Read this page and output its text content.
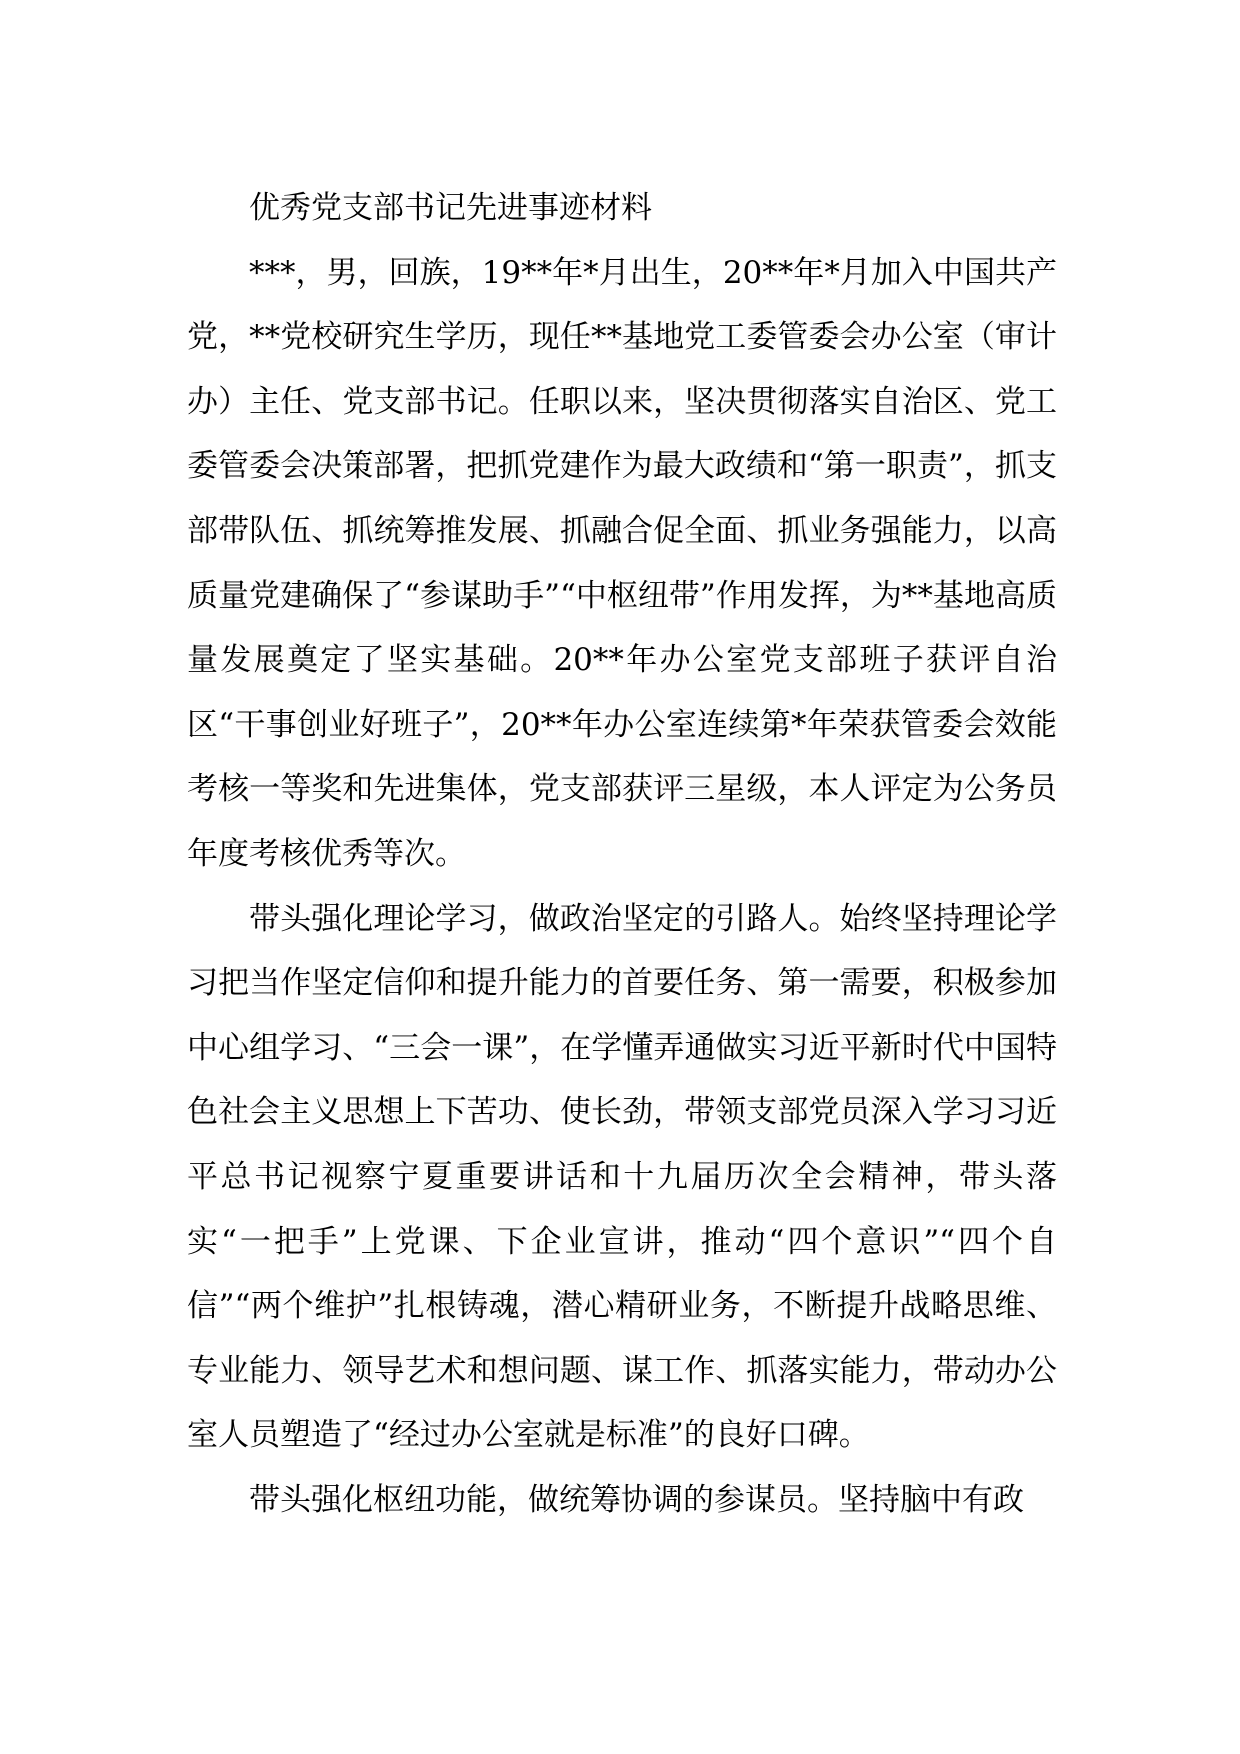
优秀党支部书记先进事迹材料

***，男，回族，19**年*月出生，20**年*月加入中国共产党，**党校研究生学历，现任**基地党工委管委会办公室（审计办）主任、党支部书记。任职以来，坚决贯彻落实自治区、党工委管委会决策部署，把抓党建作为最大政绩和“第一职责”，抓支部带队伍、抓统筹推发展、抓融合促全面、抓业务强能力，以高质量党建确保了“参谋助手”“中枢纽带”作用发挥，为**基地高质量发展奠定了坚实基础。20**年办公室党支部班子获评自治区“干事创业好班子”，20**年办公室连续第*年荣获管委会效能考核一等奖和先进集体，党支部获评三星级，本人评定为公务员年度考核优秀等次。

带头强化理论学习，做政治坚定的引路人。始终坚持理论学习把当作坚定信仰和提升能力的首要任务、第一需要，积极参加中心组学习、“三会一课”，在学懂弄通做实习近平新时代中国特色社会主义思想上下苦功、使长劲，带领支部党员深入学习习近平总书记视察宁夏重要讲话和十九届历次全会精神，带头落实“一把手”上党课、下企业宣讲，推动“四个意识”“四个自信”“两个维护”扎根铸魂，潜心精研业务，不断提升战略思维、专业能力、领导艺术和想问题、谋工作、抓落实能力，带动办公室人员塑造了“经过办公室就是标准”的良好口碑。

带头强化枢纽功能，做统筹协调的参谋员。坚持脑中有政
